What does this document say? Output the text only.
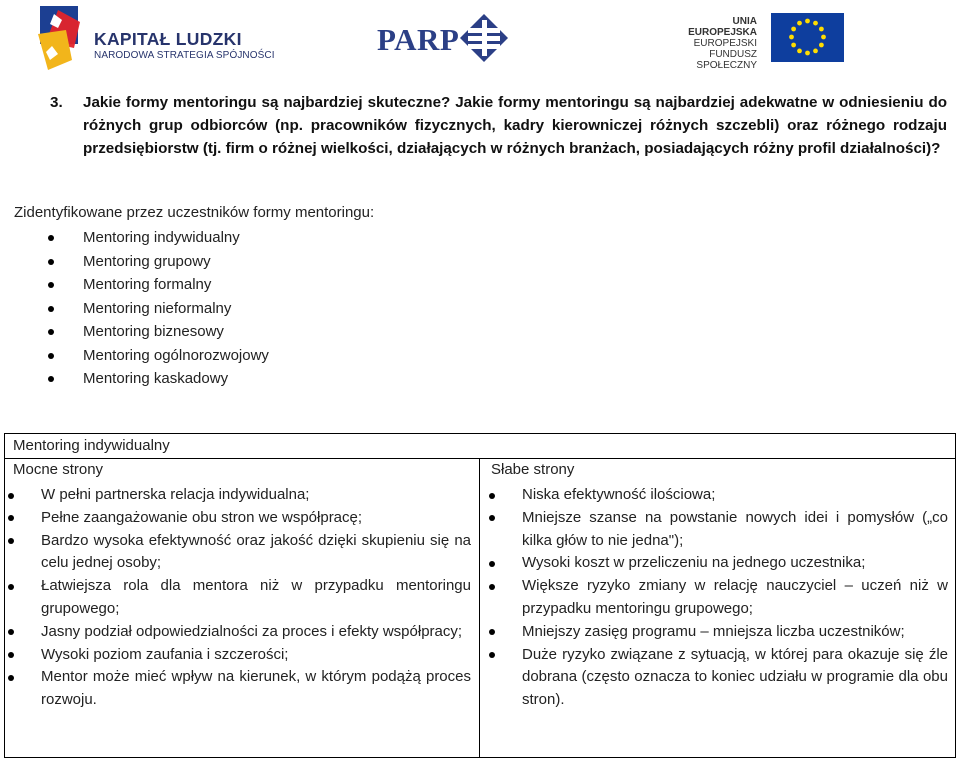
KAPITAŁ LUDZKI
NARODOWA STRATEGIA SPÓJNOŚCI	PARP
UNIA EUROPEJSKA
EUROPEJSKI
FUNDUSZ SPOŁECZNY
3. Jakie formy mentoringu są najbardziej skuteczne? Jakie formy mentoringu są najbardziej adekwatne w odniesieniu do różnych grup odbiorców (np. pracowników fizycznych, kadry kierowniczej różnych szczebli) oraz różnego rodzaju przedsiębiorstw (tj. firm o różnej wielkości, działających w różnych branżach, posiadających różny profil działalności)?
Zidentyfikowane przez uczestników formy mentoringu:
Mentoring indywidualny
Mentoring grupowy
Mentoring formalny
Mentoring nieformalny
Mentoring biznesowy
Mentoring ogólnorozwojowy
Mentoring kaskadowy
Mentoring indywidualny
Mocne strony	Słabe strony
W pełni partnerska relacja indywidualna;
Pełne zaangażowanie obu stron we współpracę;
Bardzo wysoka efektywność oraz jakość dzięki skupieniu się na celu jednej osoby;
Łatwiejsza rola dla mentora niż w przypadku mentoringu grupowego;
Jasny podział odpowiedzialności za proces i efekty współpracy;
Wysoki poziom zaufania i szczerości;
Mentor może mieć wpływ na kierunek, w którym podążą proces rozwoju.
Niska efektywność ilościowa;
Mniejsze szanse na powstanie nowych idei i pomysłów („co kilka głów to nie jedna");
Wysoki koszt w przeliczeniu na jednego uczestnika;
Większe ryzyko zmiany w relację nauczyciel – uczeń niż w przypadku mentoringu grupowego;
Mniejszy zasięg programu – mniejsza liczba uczestników;
Duże ryzyko związane z sytuacją, w której para okazuje się źle dobrana (często oznacza to koniec udziału w programie dla obu stron).
